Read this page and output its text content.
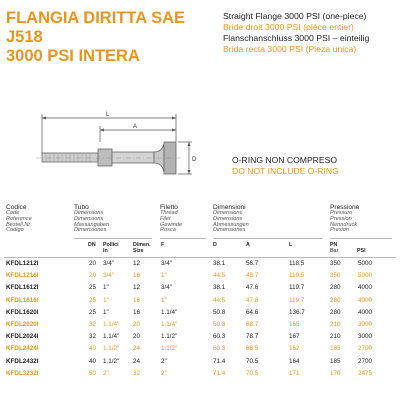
FLANGIA DIRITTA SAE J518
3000 PSI INTERA
Straight Flange 3000 PSI (one-piece)
Bride droit 3000 PSI (pièce entier)
Flanschanschluss 3000 PSI – einteilig
Brida recta 3000 PSI (Pieza unica)
L
A
D	O-RING NON COMPRESO
DO NOT INCLUDE O-RING
Codice
Code
Reference
Bestell.Nr
Codigo
Tubo
Dimensions
Dimensions
Massangaben
Dimensiones
Filetto
Thread
Filet
Gewinde
Rosca
Dimensioni
Dimensions
Dimensions
Abmessungen
Dimensiones
Pressione
Pressure
Pression
Nenndruck
Presion
DN Pollici
In
Dimen.
Size
F	D	A	L	PN
Bar	PSI
KFDL1212I	20 3/4"	12	3/4"	38.1	56.7	118.5	350	5000
KFDL1216I	20 3/4"	16	1"	44.5	48.7	119.5	350	5000
KFDL1612I	25 1"	12	3/4"	38.1	47.6	119.7	280	4000
KFDL1616I	25 1"	16	1"	44.5	47.8	119.7	280	4000
KFDL1620I	25 1"	16	1.1/4"	50.8	64.6	136.7	280	4000
KFDL2020I	32 1.1/4" 20	1.1/4"	50.8	68.7	165	210	3000
KFDL2024I	32 1.1/4" 20	1.1/2"	60.3	78.7	167	210	3000
KFDL2424I	40 1.1/2" 24	1.1/2"	60.3	68.5	162	185	2700
KFDL2432I	40 1.1/2" 24	2"	71.4	70.5	164	185	2700
KFDL3232I	50 2"	32	2"	71.4	70.5	171	170	2475
